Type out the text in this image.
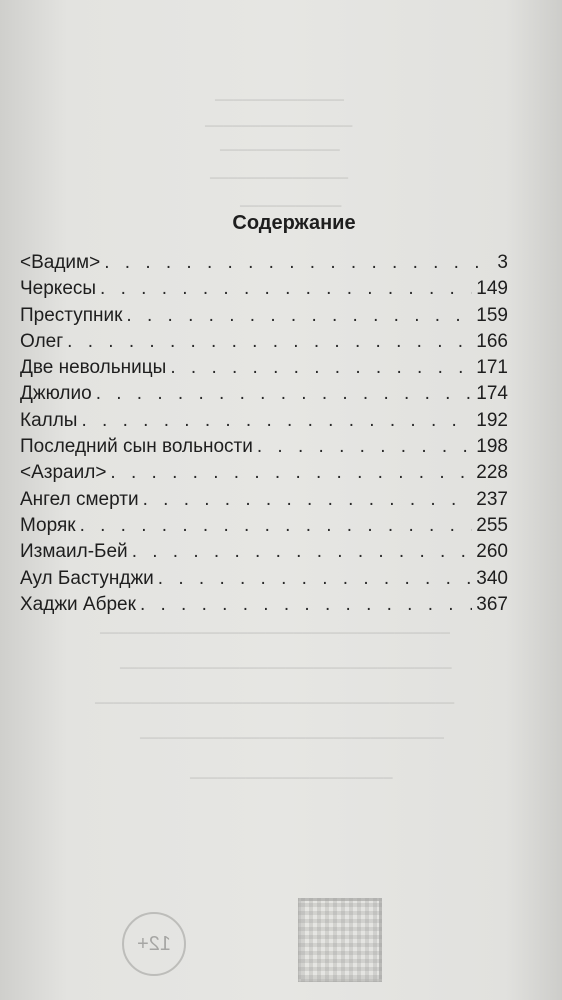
──────────────
────────────────
─────────────
───────────────
───────────
──────────────────────────────────────
────────────────────────────────────
───────────────────────────────────────
─────────────────────────────────
──────────────────────
12+
Содержание
<Вадим> . . .	3
Черкесы . . .	149
Преступник . . .	159
Олег . . .	166
Две невольницы . . .	171
Джюлио . . .	174
Каллы . . .	192
Последний сын вольности . . .	198
<Азраил> . . .	228
Ангел смерти . . .	237
Моряк . . .	255
Измаил-Бей . . .	260
Аул Бастунджи . . .	340
Хаджи Абрек . . .	367
